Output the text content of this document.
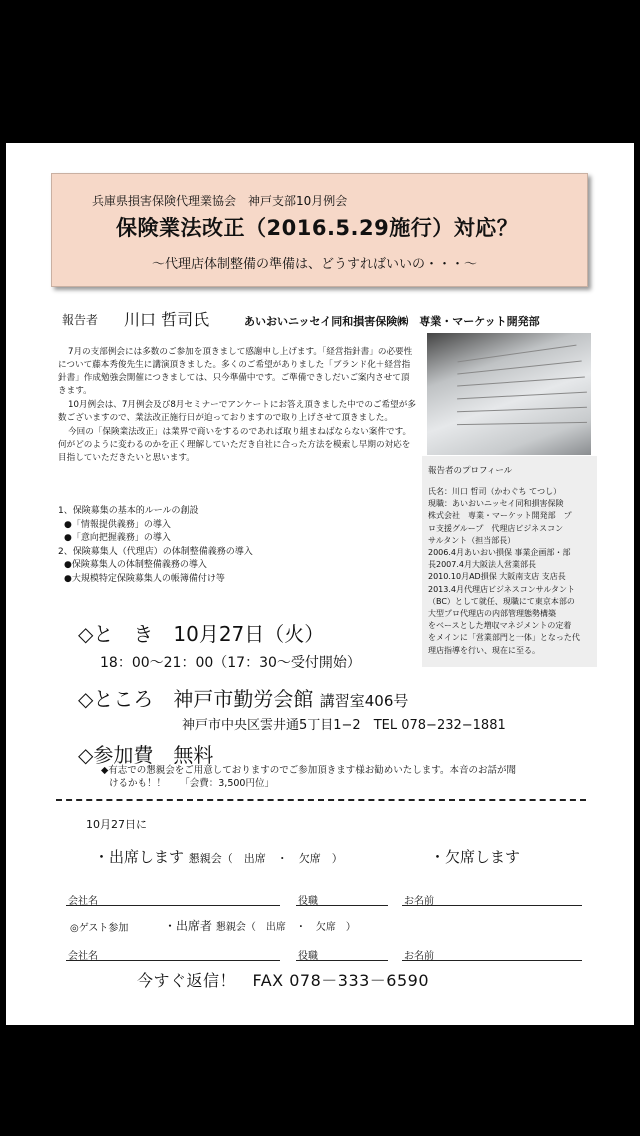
兵庫県損害保険代理業協会　神戸支部10月例会
保険業法改正（2016.5.29施行）対応？
～代理店体制整備の準備は、どうすればいいの・・・～
報告者 川口 哲司氏	あいおいニッセイ同和損害保険㈱　専業・マーケット開発部

7月の支部例会には多数のご参加を頂きまして感謝申し上げます。「経営指針書」の必要性について藤本秀俊先生に講演頂きました。多くのご希望がありました「ブランド化＋経営指針書」作成勉強会開催につきましては、只今準備中です。ご準備できしだいご案内させて頂きます。

10月例会は、7月例会及び8月セミナーでアンケートにお答え頂きました中でのご希望が多数ございますので、業法改正施行日が迫っておりますので取り上げさせて頂きました。

今回の「保険業法改正」は業界で商いをするのであれば取り組まねばならない案件です。何がどのように変わるのかを正く理解していただき自社に合った方法を模索し早期の対応を目指していただきたいと思います。

1、保険募集の基本的ルールの創設
●「情報提供義務」の導入
●「意向把握義務」の導入
2、保険募集人（代理店）の体制整備義務の導入
●保険募集人の体制整備義務の導入
●大規模特定保険募集人の帳簿備付け等
報告者のプロフィール
氏名：川口 哲司（かわぐち てつし）
現職：あいおいニッセイ同和損害保険
株式会社　専業・マーケット開発部　プ
ロ支援グループ　代理店ビジネスコン
サルタント（担当部長）
2006.4月あいおい損保 事業企画部・部
長2007.4月大阪法人営業部長
2010.10月AD損保 大阪南支店 支店長
2013.4月代理店ビジネスコンサルタント
（BC）として就任、現職にて東京本部の
大型プロ代理店の内部管理態勢構築
をベースとした増収マネジメントの定着
をメインに「営業部門と一体」となった代
理店指導を行い、現在に至る。
◇と　き　10月27日（火）
18：00～21：00（17：30～受付開始）
◇ところ　神戸市勤労会館 講習室406号
神戸市中央区雲井通5丁目1−2　TEL 078−232−1881
◇参加費　無料
◆有志での懇親会をご用意しておりますのでご参加頂きます様お勧めいたします。本音のお話が聞
けるかも！！　　「会費：3,500円位」
10月27日に
・出席します 懇親会（　出席　・　欠席　）	・欠席します
会社名	役職	お名前
◎ゲスト参加	・出席者 懇親会（　出席　・　欠席　）
会社名	役職	お名前
今すぐ返信！　FAX 078－333－6590
